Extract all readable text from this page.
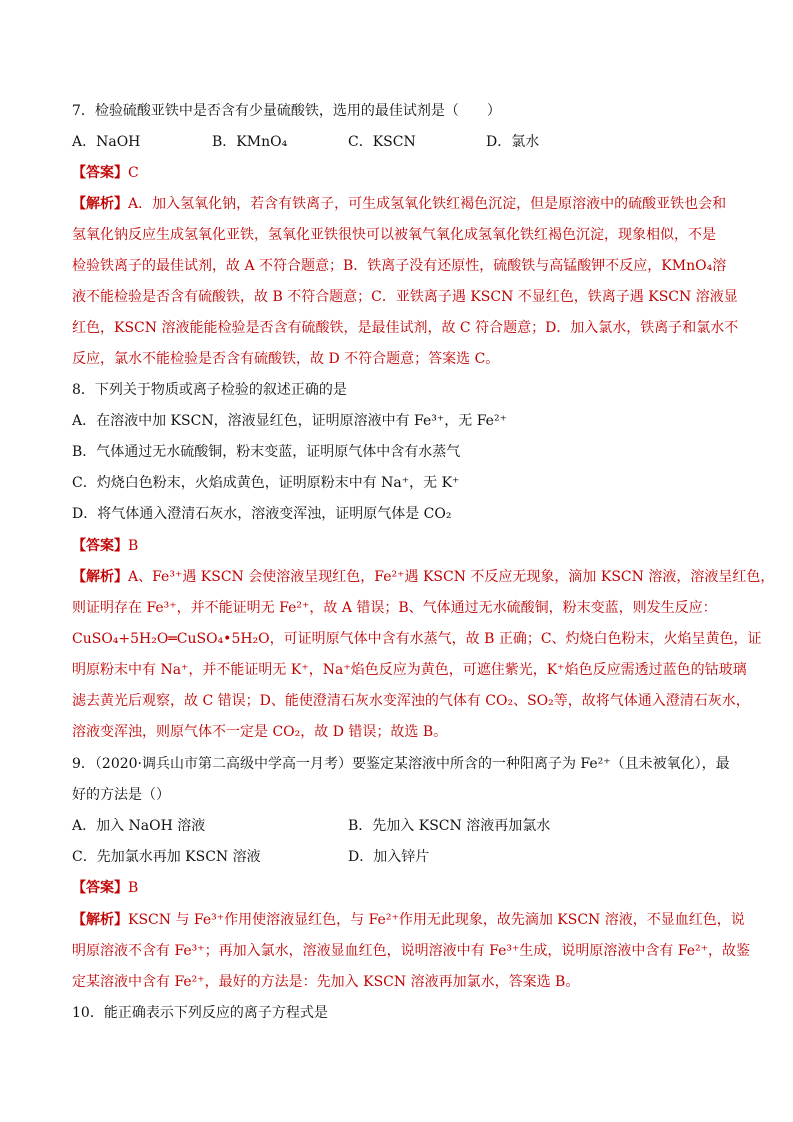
7．检验硫酸亚铁中是否含有少量硫酸铁，选用的最佳试剂是（　　）
A．NaOH	B．KMnO₄	C．KSCN	D．氯水
【答案】C
【解析】A．加入氢氧化钠，若含有铁离子，可生成氢氧化铁红褐色沉淀，但是原溶液中的硫酸亚铁也会和
氢氧化钠反应生成氢氧化亚铁，氢氧化亚铁很快可以被氧气氧化成氢氧化铁红褐色沉淀，现象相似，不是
检验铁离子的最佳试剂，故 A 不符合题意；B．铁离子没有还原性，硫酸铁与高锰酸钾不反应，KMnO₄溶
液不能检验是否含有硫酸铁，故 B 不符合题意；C．亚铁离子遇 KSCN 不显红色，铁离子遇 KSCN 溶液显
红色，KSCN 溶液能能检验是否含有硫酸铁，是最佳试剂，故 C 符合题意；D．加入氯水，铁离子和氯水不
反应，氯水不能检验是否含有硫酸铁，故 D 不符合题意；答案选 C。
8．下列关于物质或离子检验的叙述正确的是
A．在溶液中加 KSCN，溶液显红色，证明原溶液中有 Fe³⁺，无 Fe²⁺
B．气体通过无水硫酸铜，粉末变蓝，证明原气体中含有水蒸气
C．灼烧白色粉末，火焰成黄色，证明原粉末中有 Na⁺，无 K⁺
D．将气体通入澄清石灰水，溶液变浑浊，证明原气体是 CO₂
【答案】B
【解析】A、Fe³⁺遇 KSCN 会使溶液呈现红色，Fe²⁺遇 KSCN 不反应无现象，滴加 KSCN 溶液，溶液呈红色，
则证明存在 Fe³⁺，并不能证明无 Fe²⁺，故 A 错误；B、气体通过无水硫酸铜，粉末变蓝，则发生反应：
CuSO₄+5H₂O═CuSO₄•5H₂O，可证明原气体中含有水蒸气，故 B 正确；C、灼烧白色粉末，火焰呈黄色，证
明原粉末中有 Na⁺，并不能证明无 K⁺，Na⁺焰色反应为黄色，可遮住紫光，K⁺焰色反应需透过蓝色的钴玻璃
滤去黄光后观察，故 C 错误；D、能使澄清石灰水变浑浊的气体有 CO₂、SO₂等，故将气体通入澄清石灰水，
溶液变浑浊，则原气体不一定是 CO₂，故 D 错误；故选 B。
9．（2020·调兵山市第二高级中学高一月考）要鉴定某溶液中所含的一种阳离子为 Fe²⁺（且未被氧化），最
好的方法是（）
A．加入 NaOH 溶液	B．先加入 KSCN 溶液再加氯水
C．先加氯水再加 KSCN 溶液	D．加入锌片
【答案】B
【解析】KSCN 与 Fe³⁺作用使溶液显红色，与 Fe²⁺作用无此现象，故先滴加 KSCN 溶液，不显血红色，说
明原溶液不含有 Fe³⁺；再加入氯水，溶液显血红色，说明溶液中有 Fe³⁺生成，说明原溶液中含有 Fe²⁺，故鉴
定某溶液中含有 Fe²⁺，最好的方法是：先加入 KSCN 溶液再加氯水，答案选 B。
10．能正确表示下列反应的离子方程式是
